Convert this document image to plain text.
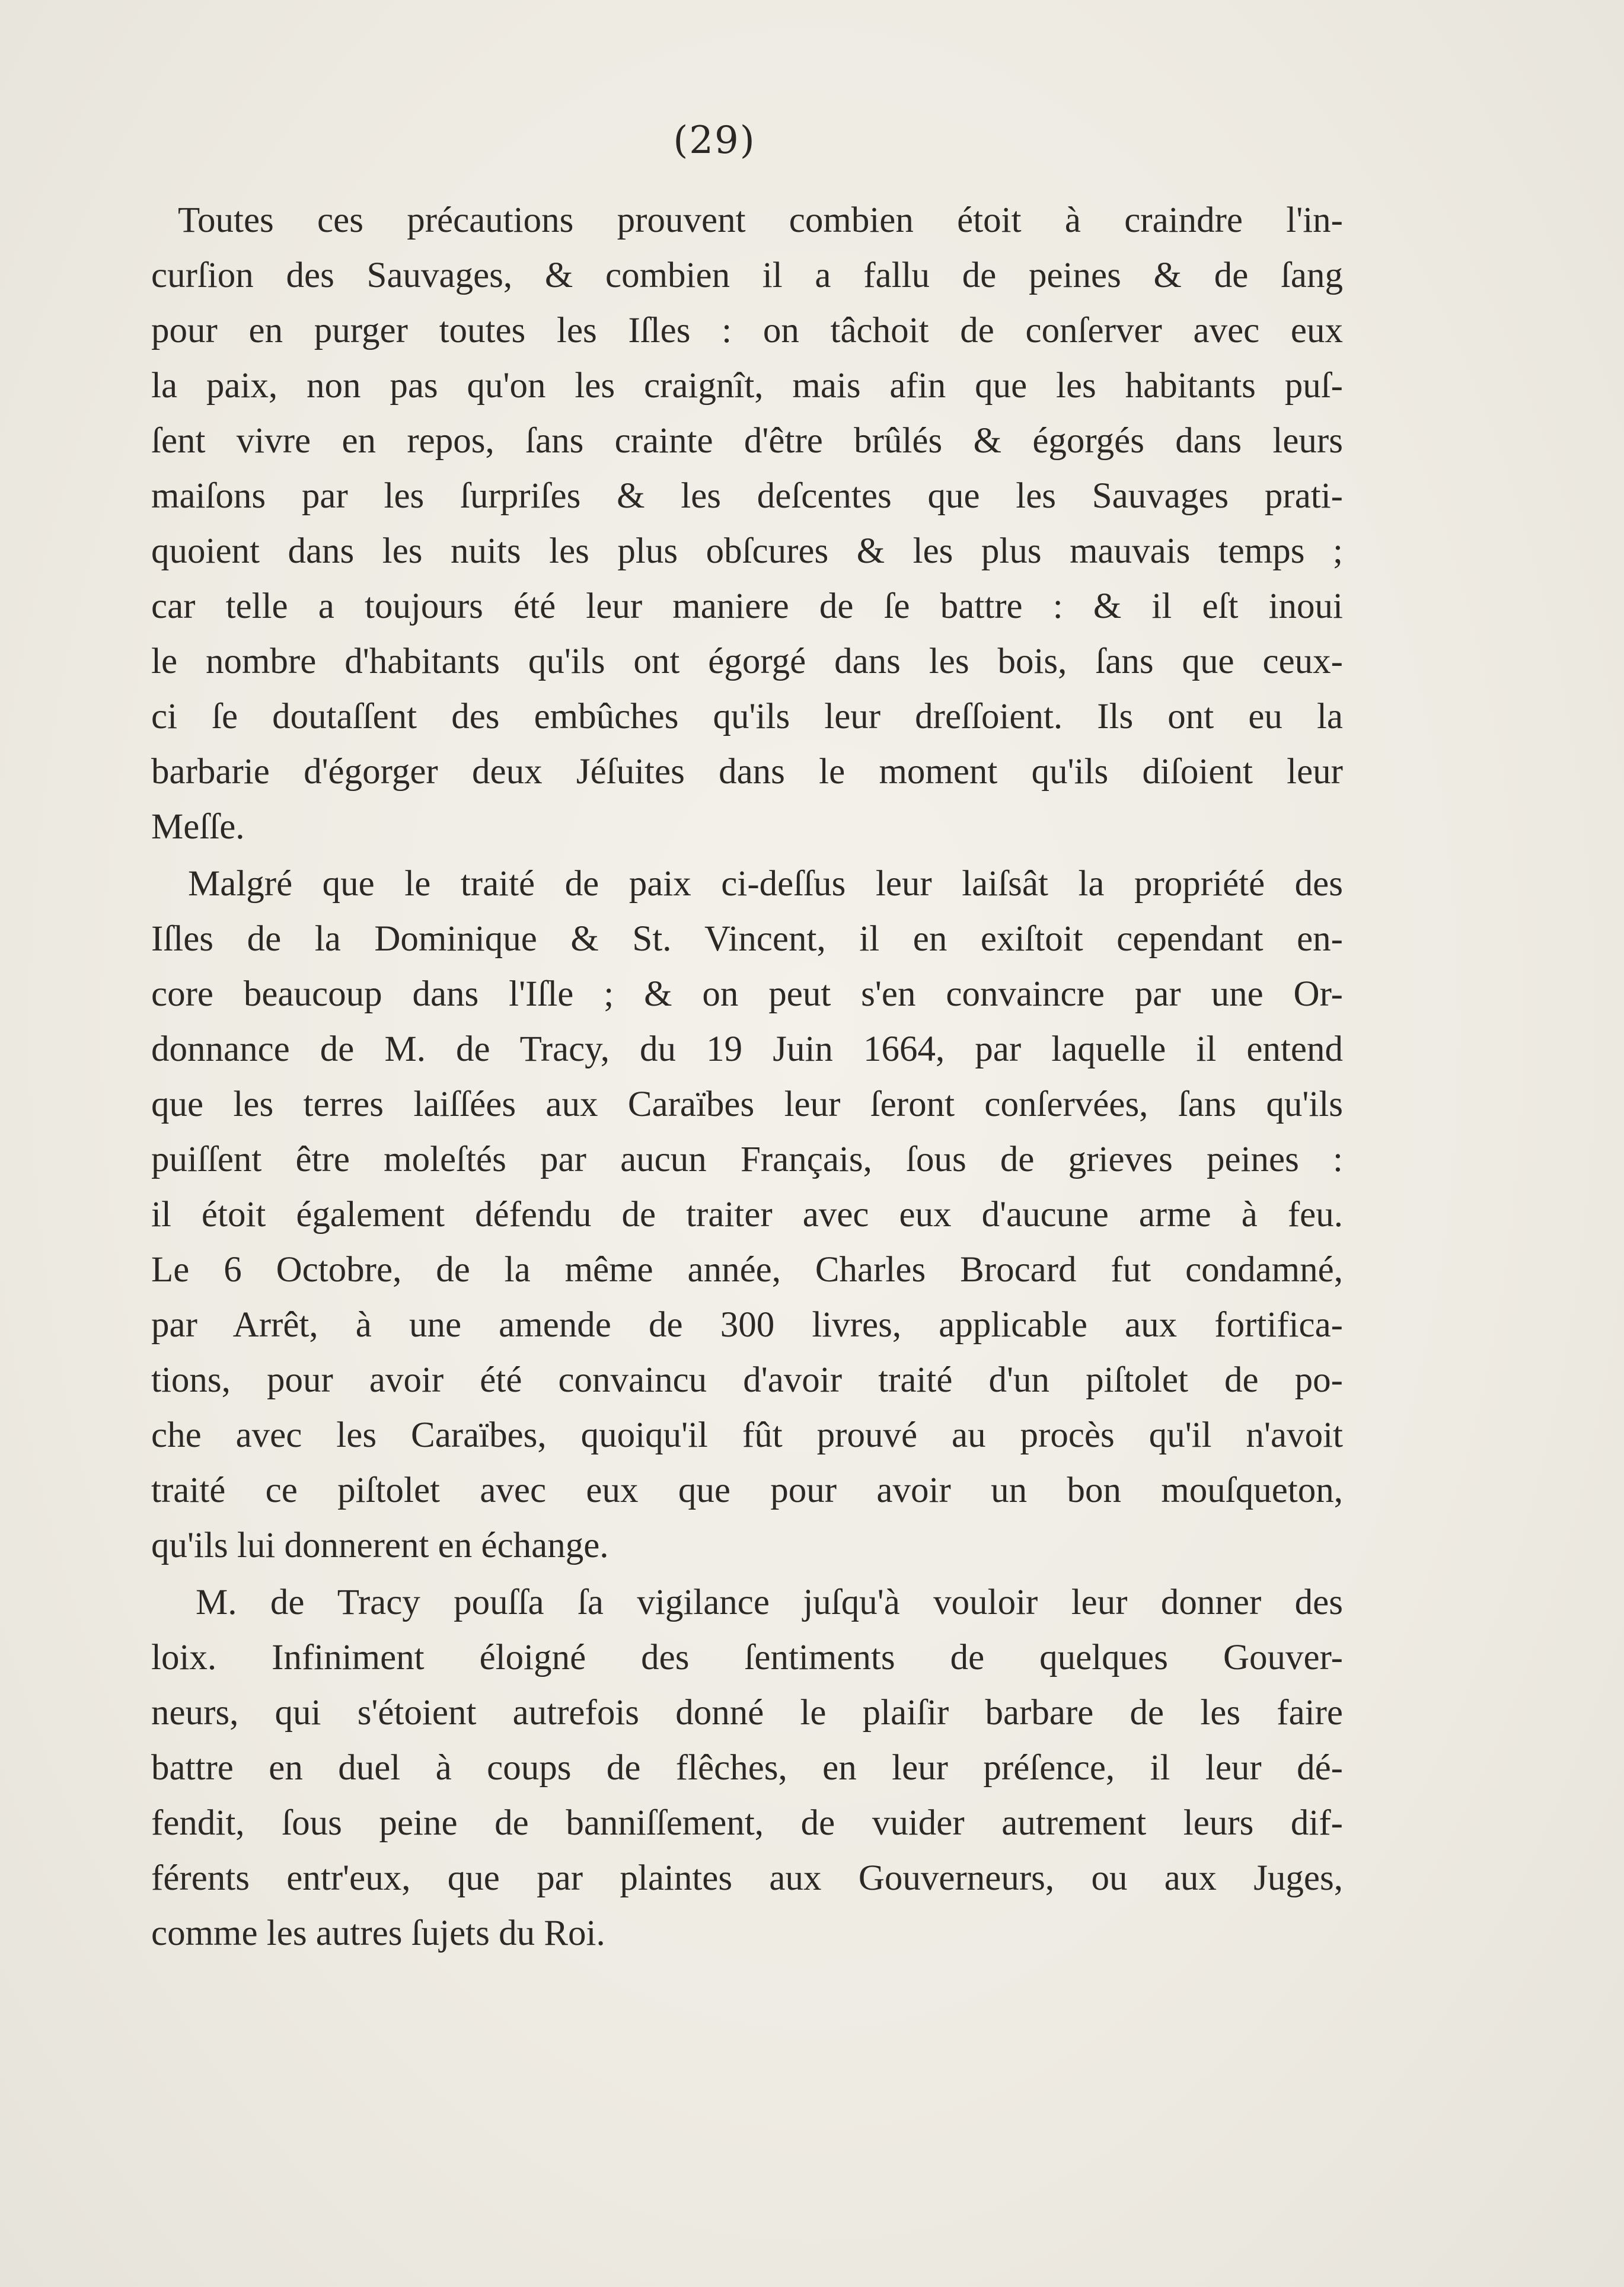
(29)
Toutes ces précautions prouvent combien étoit à craindre l'in-
curſion des Sauvages, & combien il a fallu de peines & de ſang
pour en purger toutes les Iſles : on tâchoit de conſerver avec eux
la paix, non pas qu'on les craignît, mais afin que les habitants puſ-
ſent vivre en repos, ſans crainte d'être brûlés & égorgés dans leurs
maiſons par les ſurpriſes & les deſcentes que les Sauvages prati-
quoient dans les nuits les plus obſcures & les plus mauvais temps ;
car telle a toujours été leur maniere de ſe battre : & il eſt inoui
le nombre d'habitants qu'ils ont égorgé dans les bois, ſans que ceux-
ci ſe doutaſſent des embûches qu'ils leur dreſſoient. Ils ont eu la
barbarie d'égorger deux Jéſuites dans le moment qu'ils diſoient leur
Meſſe.
Malgré que le traité de paix ci-deſſus leur laiſsât la propriété des
Iſles de la Dominique & St. Vincent, il en exiſtoit cependant en-
core beaucoup dans l'Iſle ; & on peut s'en convaincre par une Or-
donnance de M. de Tracy, du 19 Juin 1664, par laquelle il entend
que les terres laiſſées aux Caraïbes leur ſeront conſervées, ſans qu'ils
puiſſent être moleſtés par aucun Français, ſous de grieves peines :
il étoit également défendu de traiter avec eux d'aucune arme à feu.
Le 6 Octobre, de la même année, Charles Brocard fut condamné,
par Arrêt, à une amende de 300 livres, applicable aux fortifica-
tions, pour avoir été convaincu d'avoir traité d'un piſtolet de po-
che avec les Caraïbes, quoiqu'il fût prouvé au procès qu'il n'avoit
traité ce piſtolet avec eux que pour avoir un bon mouſqueton,
qu'ils lui donnerent en échange.
M. de Tracy pouſſa ſa vigilance juſqu'à vouloir leur donner des
loix. Infiniment éloigné des ſentiments de quelques Gouver-
neurs, qui s'étoient autrefois donné le plaiſir barbare de les faire
battre en duel à coups de flêches, en leur préſence, il leur dé-
fendit, ſous peine de banniſſement, de vuider autrement leurs dif-
férents entr'eux, que par plaintes aux Gouverneurs, ou aux Juges,
comme les autres ſujets du Roi.
